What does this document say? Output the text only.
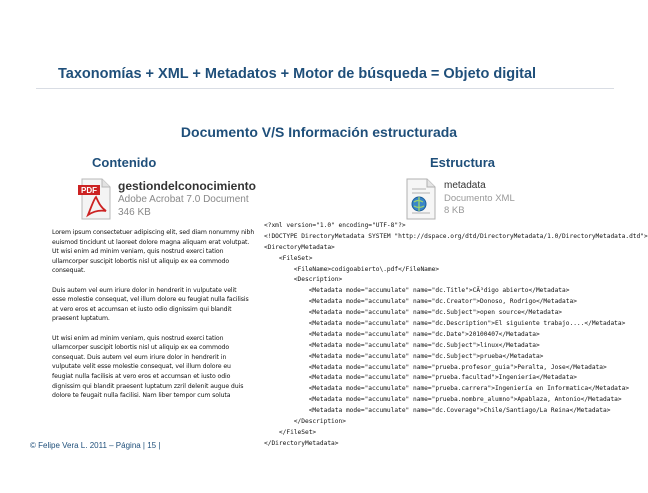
Taxonomías + XML + Metadatos + Motor de búsqueda = Objeto digital
Documento V/S Información estructurada
Contenido	Estructura
PDF gestiondelconocimiento
Adobe Acrobat 7.0 Document
346 KB
metadata
Documento XML
8 KB
Lorem ipsum consectetuer adipiscing elit, sed diam nonummy nibh
euismod tincidunt ut laoreet dolore magna aliquam erat volutpat.
Ut wisi enim ad minim veniam, quis nostrud exerci tation
ullamcorper suscipit lobortis nisl ut aliquip ex ea commodo
consequat.
Duis autem vel eum iriure dolor in hendrerit in vulputate velit
esse molestie consequat, vel illum dolore eu feugiat nulla facilisis
at vero eros et accumsan et iusto odio dignissim qui blandit
praesent luptatum.
Ut wisi enim ad minim veniam, quis nostrud exerci tation
ullamcorper suscipit lobortis nisl ut aliquip ex ea commodo
consequat. Duis autem vel eum iriure dolor in hendrerit in
vulputate velit esse molestie consequat, vel illum dolore eu
feugiat nulla facilisis at vero eros et accumsan et iusto odio
dignissim qui blandit praesent luptatum zzril delenit augue duis
dolore te feugait nulla facilisi. Nam liber tempor cum soluta
<?xml version="1.0" encoding="UTF-8"?>
<!DOCTYPE DirectoryMetadata SYSTEM "http://dspace.org/dtd/DirectoryMetadata/1.0/DirectoryMetadata.dtd">
<DirectoryMetadata>
<FileSet>
<FileName>codigoabierto\.pdf</FileName>
<Description>
<Metadata mode="accumulate" name="dc.Title">CÃ³digo abierto</Metadata>
<Metadata mode="accumulate" name="dc.Creator">Donoso, Rodrigo</Metadata>
<Metadata mode="accumulate" name="dc.Subject">open source</Metadata>
<Metadata mode="accumulate" name="dc.Description">El siguiente trabajo....</Metadata>
<Metadata mode="accumulate" name="dc.Date">20100407</Metadata>
<Metadata mode="accumulate" name="dc.Subject">linux</Metadata>
<Metadata mode="accumulate" name="dc.Subject">prueba</Metadata>
<Metadata mode="accumulate" name="prueba.profesor_guia">Peralta, Jose</Metadata>
<Metadata mode="accumulate" name="prueba.facultad">Ingeniería</Metadata>
<Metadata mode="accumulate" name="prueba.carrera">Ingeniería en Informatica</Metadata>
<Metadata mode="accumulate" name="prueba.nombre_alumno">Apablaza, Antonio</Metadata>
<Metadata mode="accumulate" name="dc.Coverage">Chile/Santiago/La Reina</Metadata>
</Description>
</FileSet>
</DirectoryMetadata>
© Felipe Vera L. 2011 – Página | 15 |
